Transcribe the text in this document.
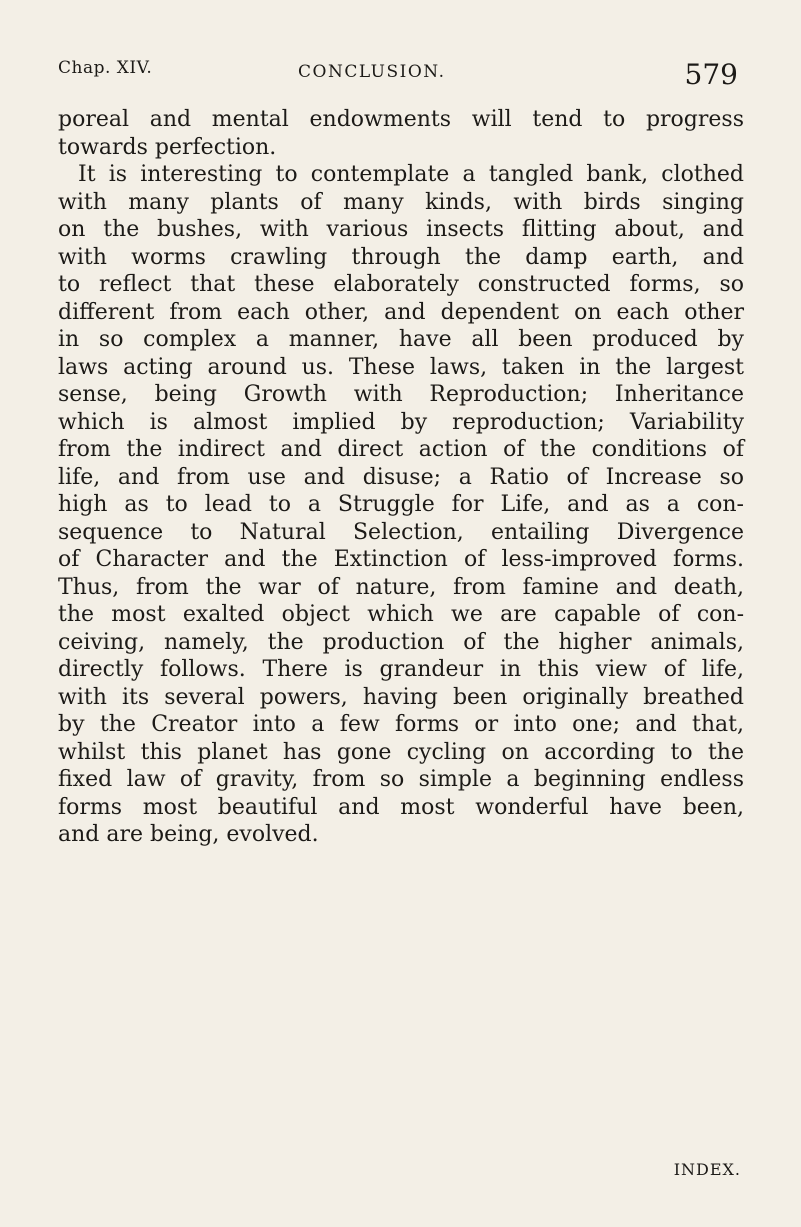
Chap. XIV.	CONCLUSION.	579
poreal and mental endowments will tend to progress
towards perfection.
It is interesting to contemplate a tangled bank, clothed
with many plants of many kinds, with birds singing
on the bushes, with various insects flitting about, and
with worms crawling through the damp earth, and
to reflect that these elaborately constructed forms, so
different from each other, and dependent on each other
in so complex a manner, have all been produced by
laws acting around us. These laws, taken in the largest
sense, being Growth with Reproduction; Inheritance
which is almost implied by reproduction; Variability
from the indirect and direct action of the conditions of
life, and from use and disuse; a Ratio of Increase so
high as to lead to a Struggle for Life, and as a con-
sequence to Natural Selection, entailing Divergence
of Character and the Extinction of less-improved forms.
Thus, from the war of nature, from famine and death,
the most exalted object which we are capable of con-
ceiving, namely, the production of the higher animals,
directly follows. There is grandeur in this view of life,
with its several powers, having been originally breathed
by the Creator into a few forms or into one; and that,
whilst this planet has gone cycling on according to the
fixed law of gravity, from so simple a beginning endless
forms most beautiful and most wonderful have been,
and are being, evolved.
INDEX.
